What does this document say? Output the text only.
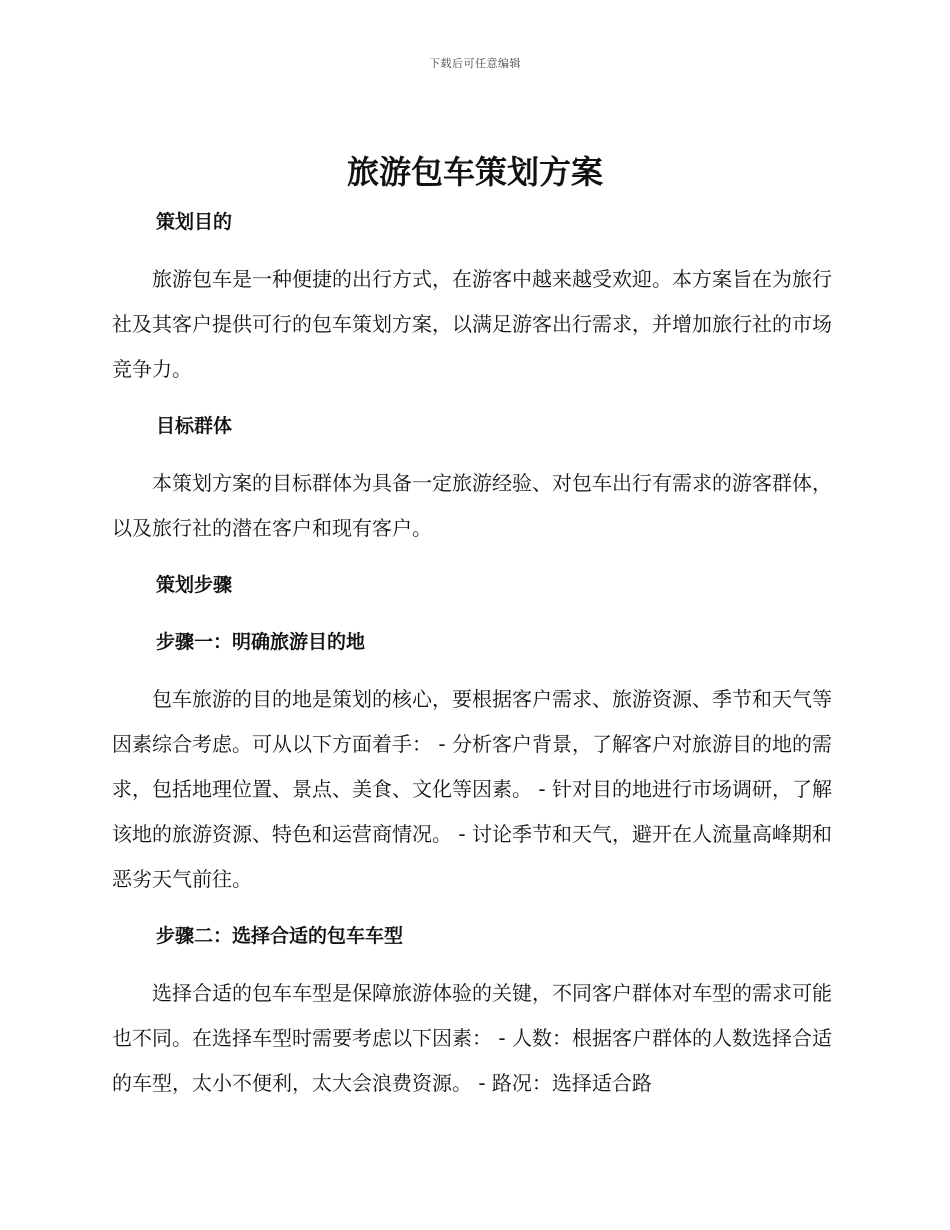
下载后可任意编辑
旅游包车策划方案
策划目的

旅游包车是一种便捷的出行方式，在游客中越来越受欢迎。本方案旨在为旅行社及其客户提供可行的包车策划方案，以满足游客出行需求，并增加旅行社的市场竞争力。

目标群体

本策划方案的目标群体为具备一定旅游经验、对包车出行有需求的游客群体，以及旅行社的潜在客户和现有客户。

策划步骤
步骤一：明确旅游目的地

包车旅游的目的地是策划的核心，要根据客户需求、旅游资源、季节和天气等因素综合考虑。可从以下方面着手： - 分析客户背景，了解客户对旅游目的地的需求，包括地理位置、景点、美食、文化等因素。 - 针对目的地进行市场调研，了解该地的旅游资源、特色和运营商情况。 - 讨论季节和天气，避开在人流量高峰期和恶劣天气前往。

步骤二：选择合适的包车车型

选择合适的包车车型是保障旅游体验的关键，不同客户群体对车型的需求可能也不同。在选择车型时需要考虑以下因素： - 人数：根据客户群体的人数选择合适的车型，太小不便利，太大会浪费资源。 - 路况：选择适合路
